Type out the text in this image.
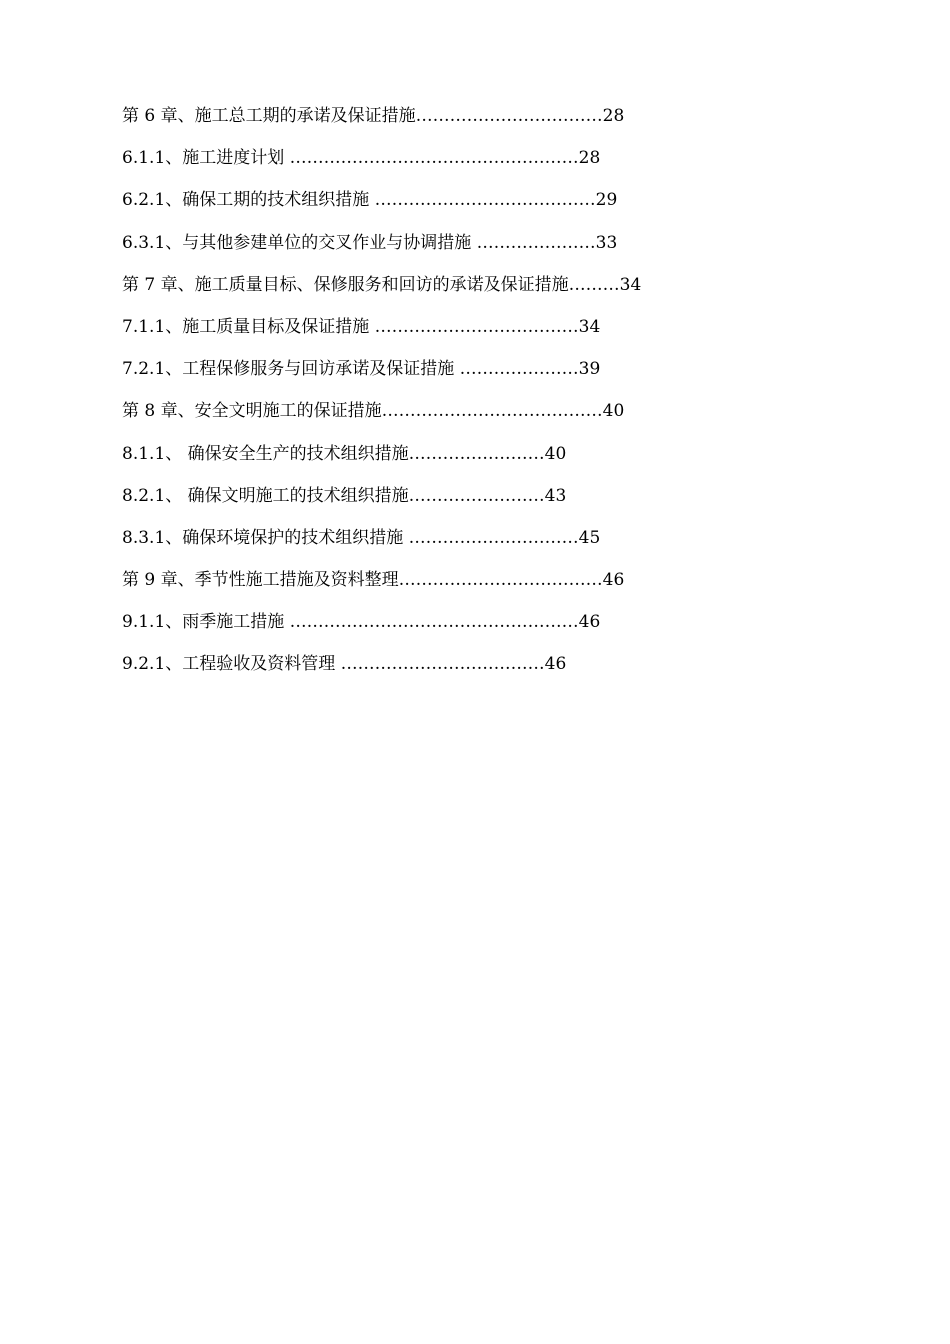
第 6 章、施工总工期的承诺及保证措施……………………………28
6.1.1、施工进度计划 ……………………………………………28
6.2.1、确保工期的技术组织措施 …………………………………29
6.3.1、与其他参建单位的交叉作业与协调措施 …………………33
第 7 章、施工质量目标、保修服务和回访的承诺及保证措施………34
7.1.1、施工质量目标及保证措施 ………………………………34
7.2.1、工程保修服务与回访承诺及保证措施 …………………39
第 8 章、安全文明施工的保证措施…………………………………40
8.1.1、 确保安全生产的技术组织措施……………………40
8.2.1、 确保文明施工的技术组织措施……………………43
8.3.1、确保环境保护的技术组织措施 …………………………45
第 9 章、季节性施工措施及资料整理………………………………46
9.1.1、雨季施工措施 ……………………………………………46
9.2.1、工程验收及资料管理 ………………………………46
